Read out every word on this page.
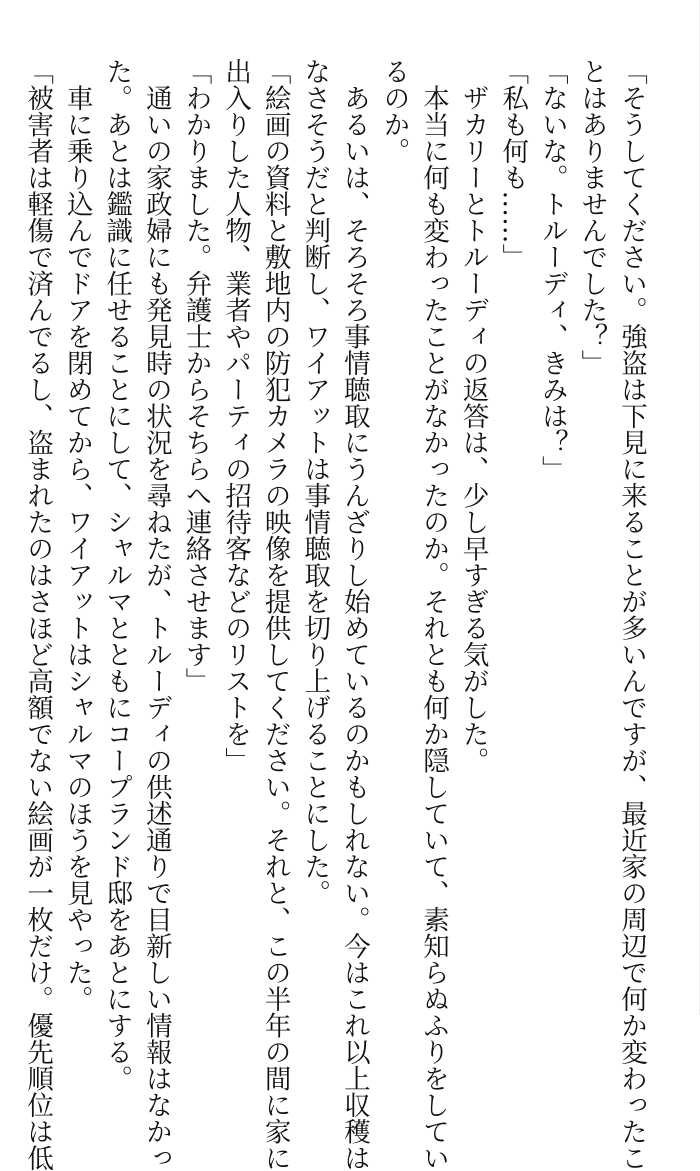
「そうしてください。強盗は下見に来ることが多いんですが、最近家の周辺で何か変わったこ
とはありませんでした？」
「ないな。トルーディ、きみは？」
「私も何も……」
　ザカリーとトルーディの返答は、少し早すぎる気がした。
　本当に何も変わったことがなかったのか。それとも何か隠していて、素知らぬふりをしてい
るのか。
　あるいは、そろそろ事情聴取にうんざりし始めているのかもしれない。今はこれ以上収穫は
なさそうだと判断し、ワイアットは事情聴取を切り上げることにした。
「絵画の資料と敷地内の防犯カメラの映像を提供してください。それと、この半年の間に家に
出入りした人物、業者やパーティの招待客などのリストを」
「わかりました。弁護士からそちらへ連絡させます」
　通いの家政婦にも発見時の状況を尋ねたが、トルーディの供述通りで目新しい情報はなかっ
た。あとは鑑識に任せることにして、シャルマとともにコープランド邸をあとにする。
　車に乗り込んでドアを閉めてから、ワイアットはシャルマのほうを見やった。
「被害者は軽傷で済んでるし、盗まれたのはさほど高額でない絵画が一枚だけ。優先順位は低
